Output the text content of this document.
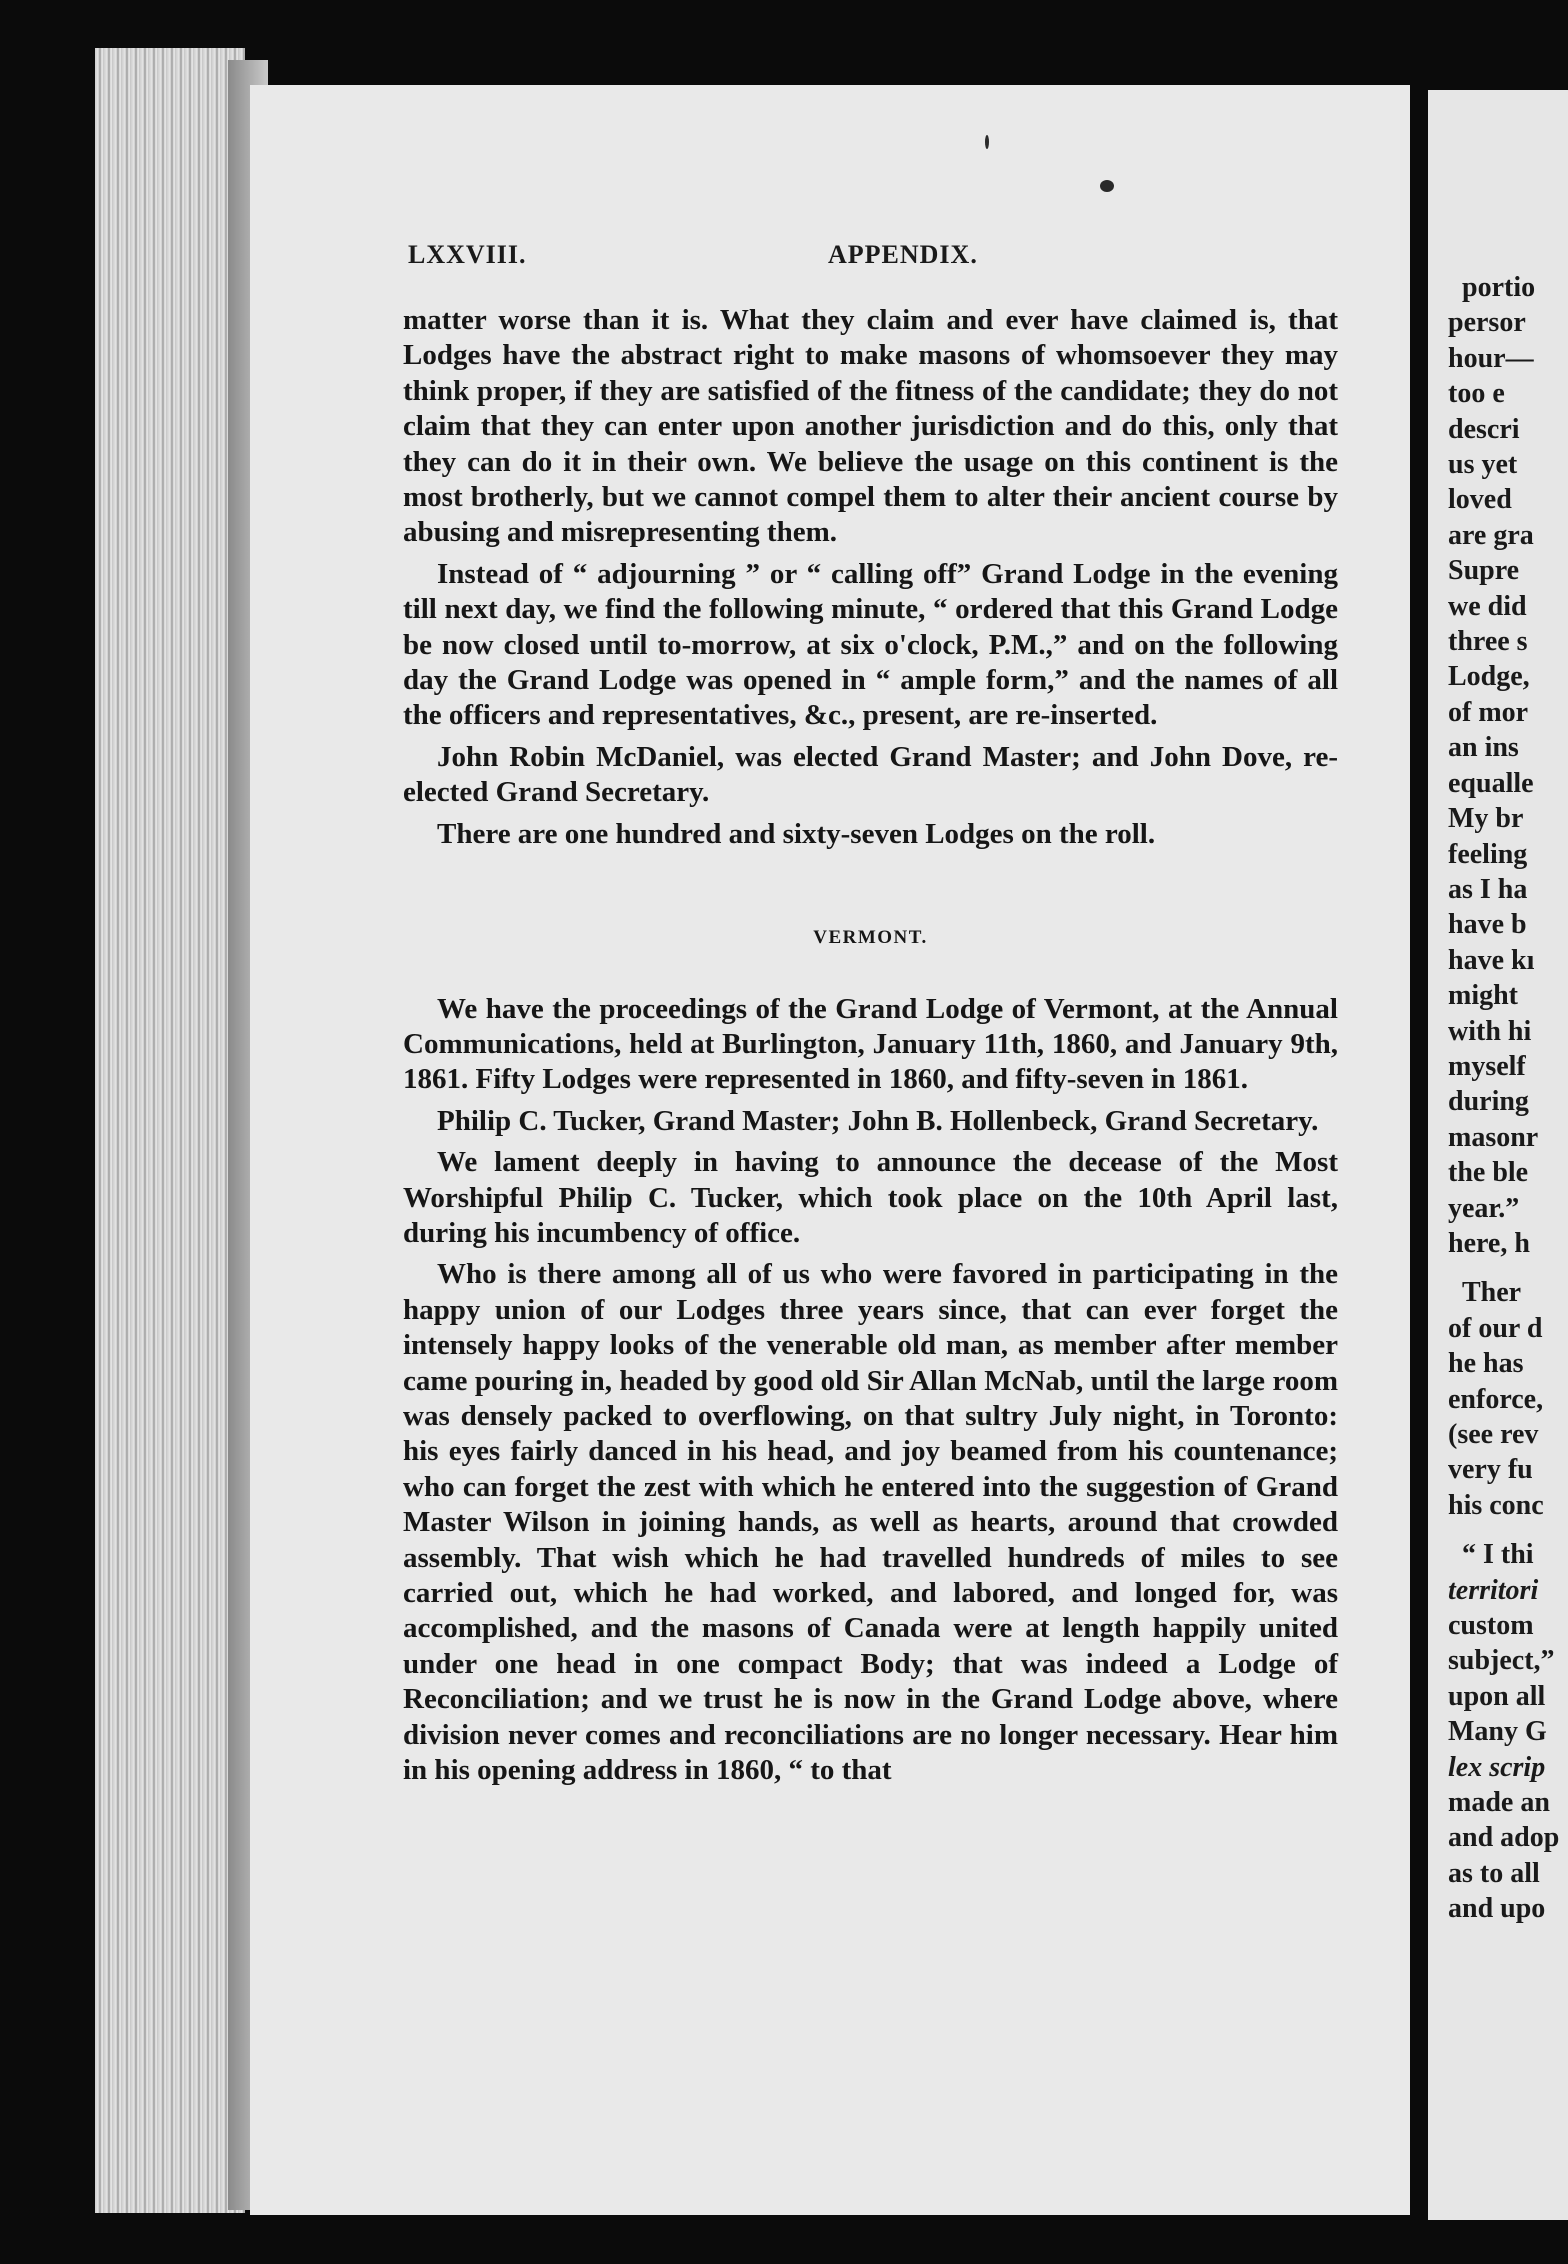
LXXVIII.	APPENDIX.

matter worse than it is. What they claim and ever have claimed is, that Lodges have the abstract right to make masons of whomsoever they may think proper, if they are satisfied of the fitness of the candidate; they do not claim that they can enter upon another jurisdiction and do this, only that they can do it in their own. We believe the usage on this continent is the most brotherly, but we cannot compel them to alter their ancient course by abusing and misrepresenting them.

Instead of “ adjourning ” or “ calling off” Grand Lodge in the evening till next day, we find the following minute, “ ordered that this Grand Lodge be now closed until to-morrow, at six o'clock, P.M.,” and on the following day the Grand Lodge was opened in “ ample form,” and the names of all the officers and representatives, &c., present, are re-inserted.

John Robin McDaniel, was elected Grand Master; and John Dove, re-elected Grand Secretary.

There are one hundred and sixty-seven Lodges on the roll.

VERMONT.

We have the proceedings of the Grand Lodge of Vermont, at the Annual Communications, held at Burlington, January 11th, 1860, and January 9th, 1861. Fifty Lodges were represented in 1860, and fifty-seven in 1861.

Philip C. Tucker, Grand Master; John B. Hollenbeck, Grand Secretary.

We lament deeply in having to announce the decease of the Most Worshipful Philip C. Tucker, which took place on the 10th April last, during his incumbency of office.

Who is there among all of us who were favored in participating in the happy union of our Lodges three years since, that can ever forget the intensely happy looks of the venerable old man, as member after member came pouring in, headed by good old Sir Allan McNab, until the large room was densely packed to overflowing, on that sultry July night, in Toronto: his eyes fairly danced in his head, and joy beamed from his countenance; who can forget the zest with which he entered into the suggestion of Grand Master Wilson in joining hands, as well as hearts, around that crowded assembly. That wish which he had travelled hundreds of miles to see carried out, which he had worked, and labored, and longed for, was accomplished, and the masons of Canada were at length happily united under one head in one compact Body; that was indeed a Lodge of Reconciliation; and we trust he is now in the Grand Lodge above, where division never comes and reconciliations are no longer necessary. Hear him in his opening address in 1860, “ to that

portio
persor
hour—
too e
descri
us yet
loved
are gra
Supre
we did
three s
Lodge,
of mor
an ins
equalle
My br
feeling
as I ha
have b
have kı
might
with hi
myself
during
masonr
the ble
year.”
here, h
Ther
of our d
he has
enforce,
(see rev
very fu
his conc
“ I thi
territori
custom
subject,”
upon all
Many G
lex scrip
made an
and adop
as to all
and upo
